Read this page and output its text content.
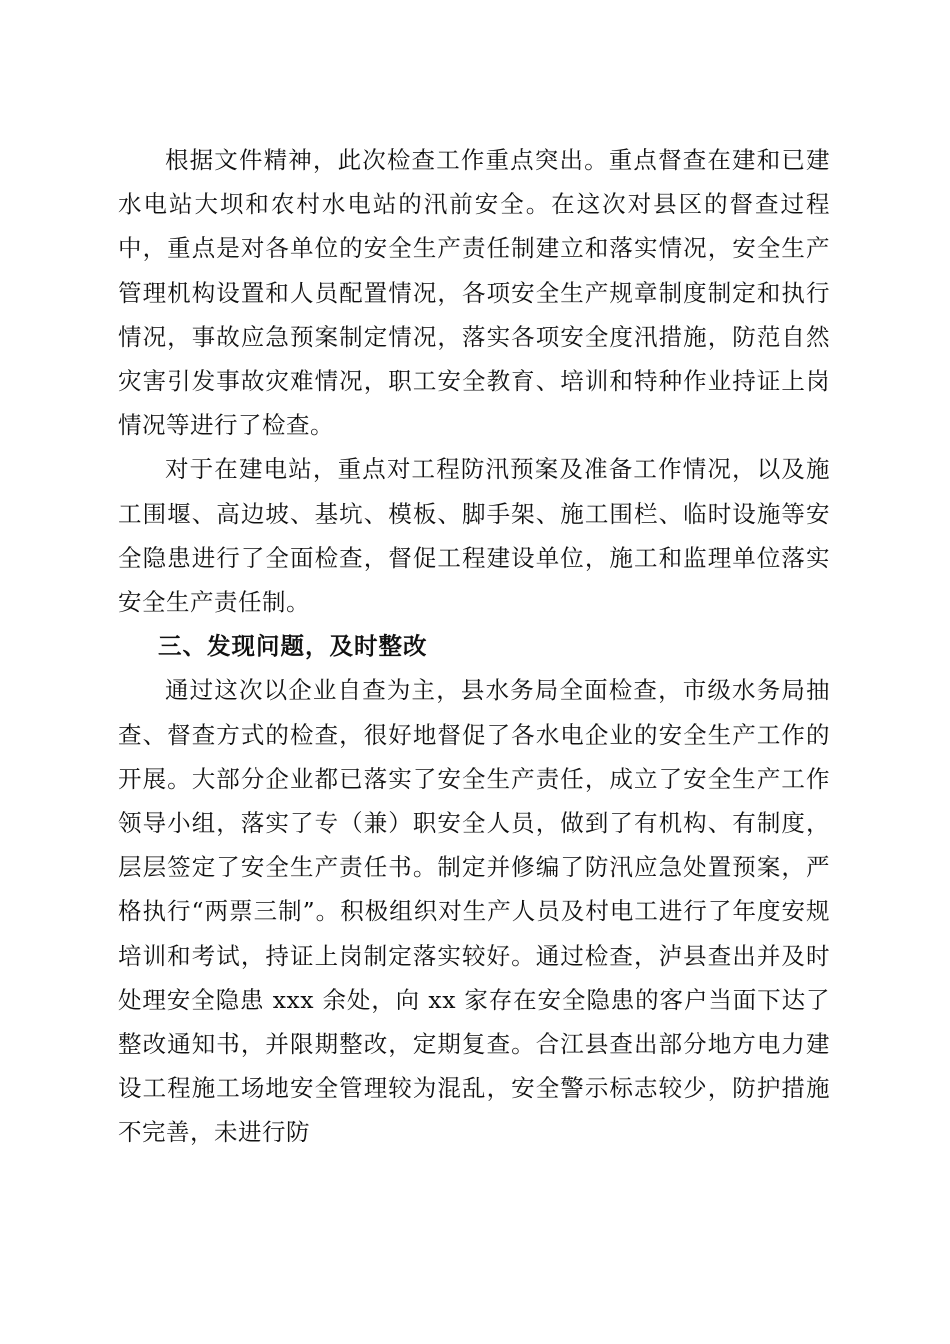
根据文件精神，此次检查工作重点突出。重点督查在建和已建水电站大坝和农村水电站的汛前安全。在这次对县区的督查过程中，重点是对各单位的安全生产责任制建立和落实情况，安全生产管理机构设置和人员配置情况，各项安全生产规章制度制定和执行情况，事故应急预案制定情况，落实各项安全度汛措施，防范自然灾害引发事故灾难情况，职工安全教育、培训和特种作业持证上岗情况等进行了检查。

对于在建电站，重点对工程防汛预案及准备工作情况，以及施工围堰、高边坡、基坑、模板、脚手架、施工围栏、临时设施等安全隐患进行了全面检查，督促工程建设单位，施工和监理单位落实安全生产责任制。

三、发现问题，及时整改

通过这次以企业自查为主，县水务局全面检查，市级水务局抽查、督查方式的检查，很好地督促了各水电企业的安全生产工作的开展。大部分企业都已落实了安全生产责任，成立了安全生产工作领导小组，落实了专（兼）职安全人员，做到了有机构、有制度，层层签定了安全生产责任书。制定并修编了防汛应急处置预案，严格执行“两票三制”。积极组织对生产人员及村电工进行了年度安规培训和考试，持证上岗制定落实较好。通过检查，泸县查出并及时处理安全隐患 xxx 余处，向 xx 家存在安全隐患的客户当面下达了整改通知书，并限期整改，定期复查。合江县查出部分地方电力建设工程施工场地安全管理较为混乱，安全警示标志较少，防护措施不完善，未进行防
